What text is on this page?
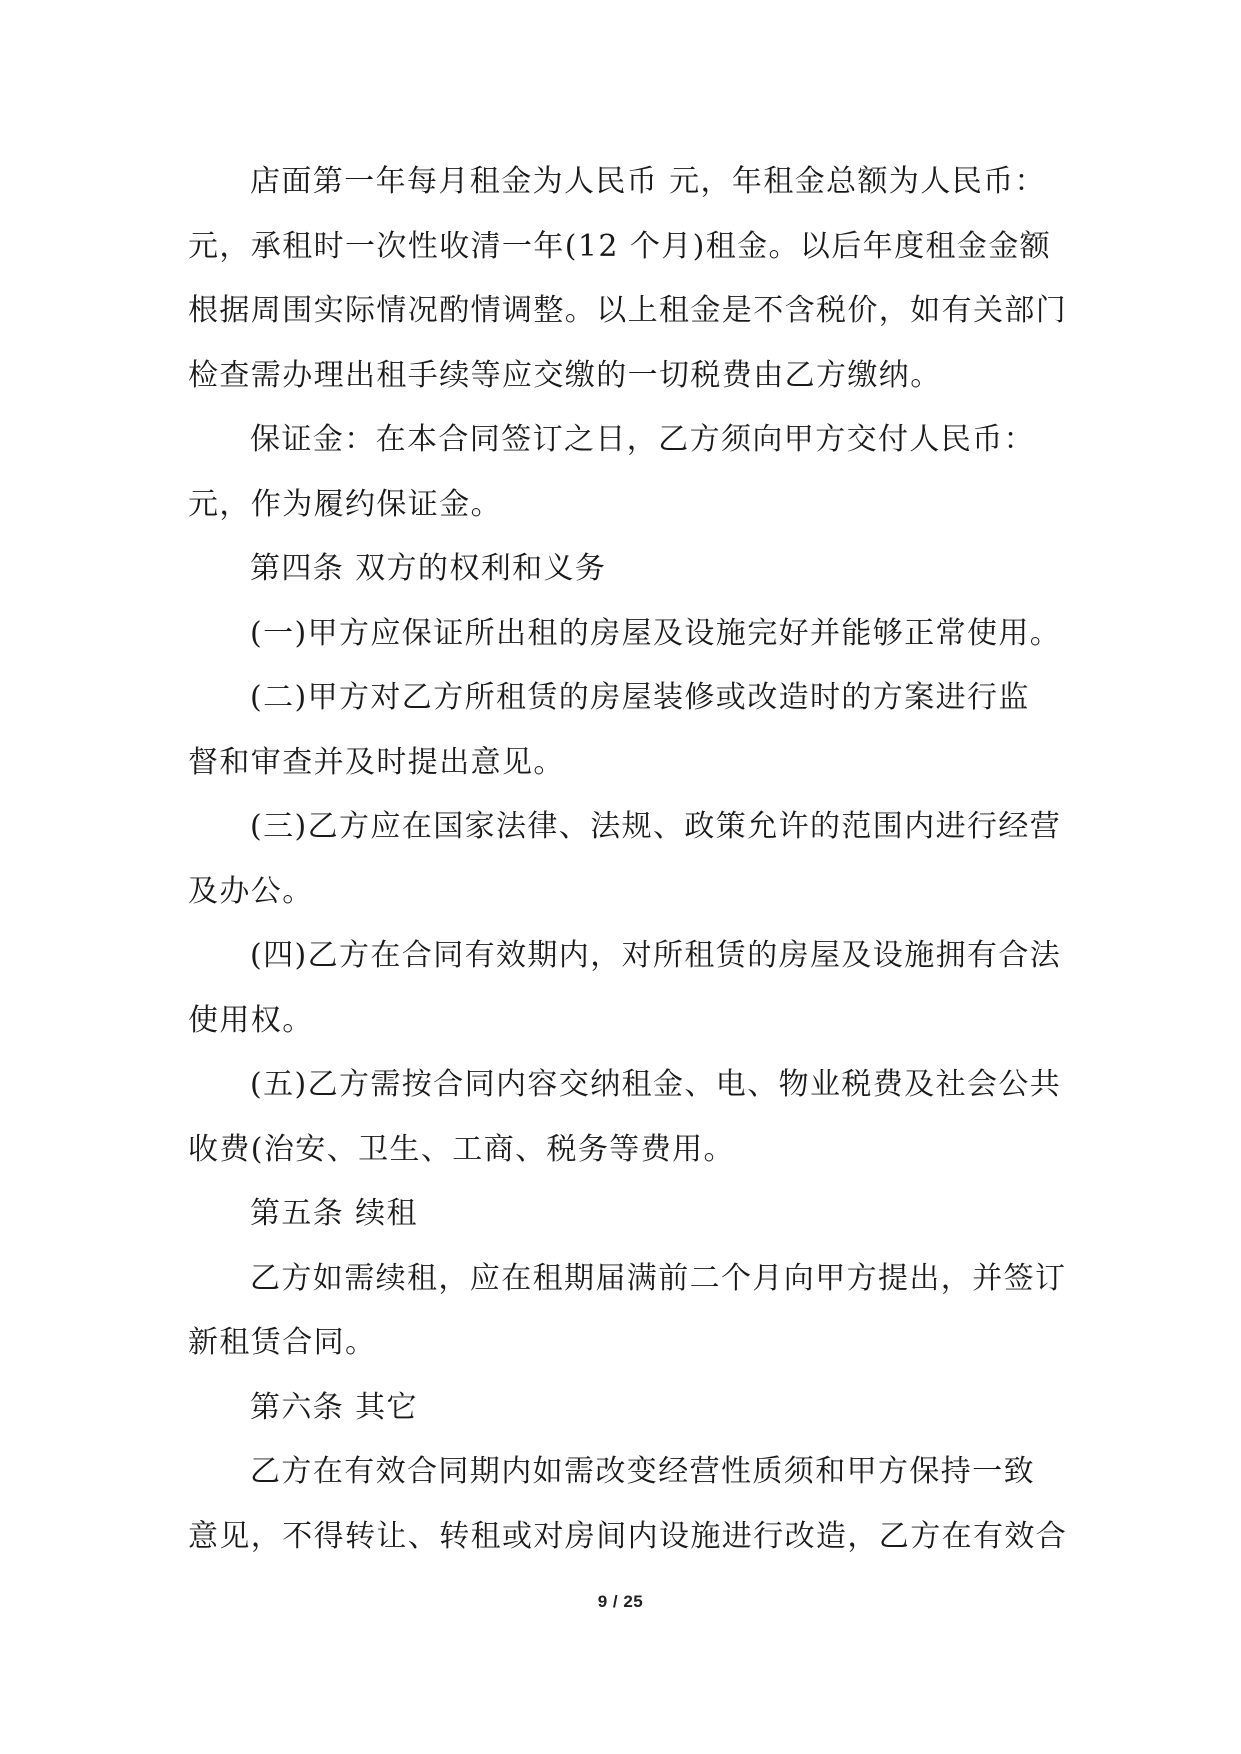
店面第一年每月租金为人民币 元，年租金总额为人民币：
元，承租时一次性收清一年(12 个月)租金。以后年度租金金额
根据周围实际情况酌情调整。以上租金是不含税价，如有关部门
检查需办理出租手续等应交缴的一切税费由乙方缴纳。

保证金：在本合同签订之日，乙方须向甲方交付人民币：
元，作为履约保证金。

第四条 双方的权利和义务

(一)甲方应保证所出租的房屋及设施完好并能够正常使用。

(二)甲方对乙方所租赁的房屋装修或改造时的方案进行监
督和审查并及时提出意见。

(三)乙方应在国家法律、法规、政策允许的范围内进行经营
及办公。

(四)乙方在合同有效期内，对所租赁的房屋及设施拥有合法
使用权。

(五)乙方需按合同内容交纳租金、电、物业税费及社会公共
收费(治安、卫生、工商、税务等费用。

第五条 续租

乙方如需续租，应在租期届满前二个月向甲方提出，并签订
新租赁合同。

第六条 其它

乙方在有效合同期内如需改变经营性质须和甲方保持一致
意见，不得转让、转租或对房间内设施进行改造，乙方在有效合

9 / 25
